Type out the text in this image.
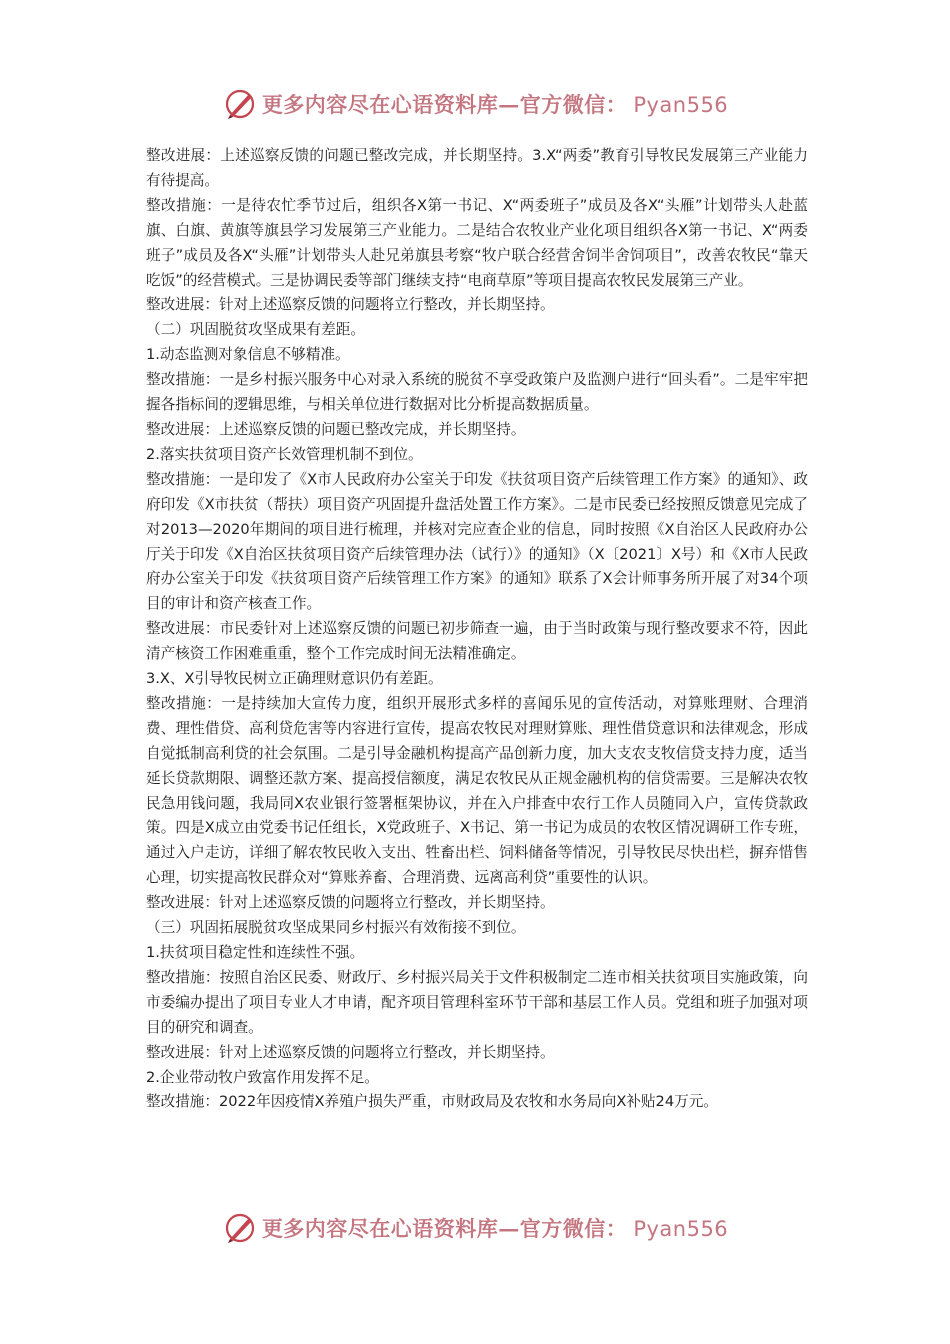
更多内容尽在心语资料库—官方微信： Pyan556

整改进展：上述巡察反馈的问题已整改完成，并长期坚持。3.X“两委”教育引导牧民发展第三产业能力有待提高。

整改措施：一是待农忙季节过后，组织各X第一书记、X“两委班子”成员及各X“头雁”计划带头人赴蓝旗、白旗、黄旗等旗县学习发展第三产业能力。二是结合农牧业产业化项目组织各X第一书记、X“两委班子”成员及各X“头雁”计划带头人赴兄弟旗县考察“牧户联合经营舍饲半舍饲项目”，改善农牧民“靠天吃饭”的经营模式。三是协调民委等部门继续支持“电商草原”等项目提高农牧民发展第三产业。

整改进展：针对上述巡察反馈的问题将立行整改，并长期坚持。

（二）巩固脱贫攻坚成果有差距。

1.动态监测对象信息不够精准。

整改措施：一是乡村振兴服务中心对录入系统的脱贫不享受政策户及监测户进行“回头看”。二是牢牢把握各指标间的逻辑思维，与相关单位进行数据对比分析提高数据质量。

整改进展：上述巡察反馈的问题已整改完成，并长期坚持。

2.落实扶贫项目资产长效管理机制不到位。

整改措施：一是印发了《X市人民政府办公室关于印发《扶贫项目资产后续管理工作方案》的通知》、政府印发《X市扶贫（帮扶）项目资产巩固提升盘活处置工作方案》。二是市民委已经按照反馈意见完成了对2013—2020年期间的项目进行梳理，并核对完应查企业的信息，同时按照《X自治区人民政府办公厅关于印发《X自治区扶贫项目资产后续管理办法（试行）》的通知》（X〔2021〕X号）和《X市人民政府办公室关于印发《扶贫项目资产后续管理工作方案》的通知》联系了X会计师事务所开展了对34个项目的审计和资产核查工作。

整改进展：市民委针对上述巡察反馈的问题已初步筛查一遍，由于当时政策与现行整改要求不符，因此清产核资工作困难重重，整个工作完成时间无法精准确定。

3.X、X引导牧民树立正确理财意识仍有差距。

整改措施：一是持续加大宣传力度，组织开展形式多样的喜闻乐见的宣传活动，对算账理财、合理消费、理性借贷、高利贷危害等内容进行宣传，提高农牧民对理财算账、理性借贷意识和法律观念，形成自觉抵制高利贷的社会氛围。二是引导金融机构提高产品创新力度，加大支农支牧信贷支持力度，适当延长贷款期限、调整还款方案、提高授信额度，满足农牧民从正规金融机构的信贷需要。三是解决农牧民急用钱问题，我局同X农业银行签署框架协议，并在入户排查中农行工作人员随同入户，宣传贷款政策。四是X成立由党委书记任组长，X党政班子、X书记、第一书记为成员的农牧区情况调研工作专班，通过入户走访，详细了解农牧民收入支出、牲畜出栏、饲料储备等情况，引导牧民尽快出栏，摒弃惜售心理，切实提高牧民群众对“算账养畜、合理消费、远离高利贷”重要性的认识。

整改进展：针对上述巡察反馈的问题将立行整改，并长期坚持。

（三）巩固拓展脱贫攻坚成果同乡村振兴有效衔接不到位。

1.扶贫项目稳定性和连续性不强。

整改措施：按照自治区民委、财政厅、乡村振兴局关于文件积极制定二连市相关扶贫项目实施政策，向市委编办提出了项目专业人才申请，配齐项目管理科室环节干部和基层工作人员。党组和班子加强对项目的研究和调查。

整改进展：针对上述巡察反馈的问题将立行整改，并长期坚持。

2.企业带动牧户致富作用发挥不足。

整改措施：2022年因疫情X养殖户损失严重，市财政局及农牧和水务局向X补贴24万元。

更多内容尽在心语资料库—官方微信： Pyan556
